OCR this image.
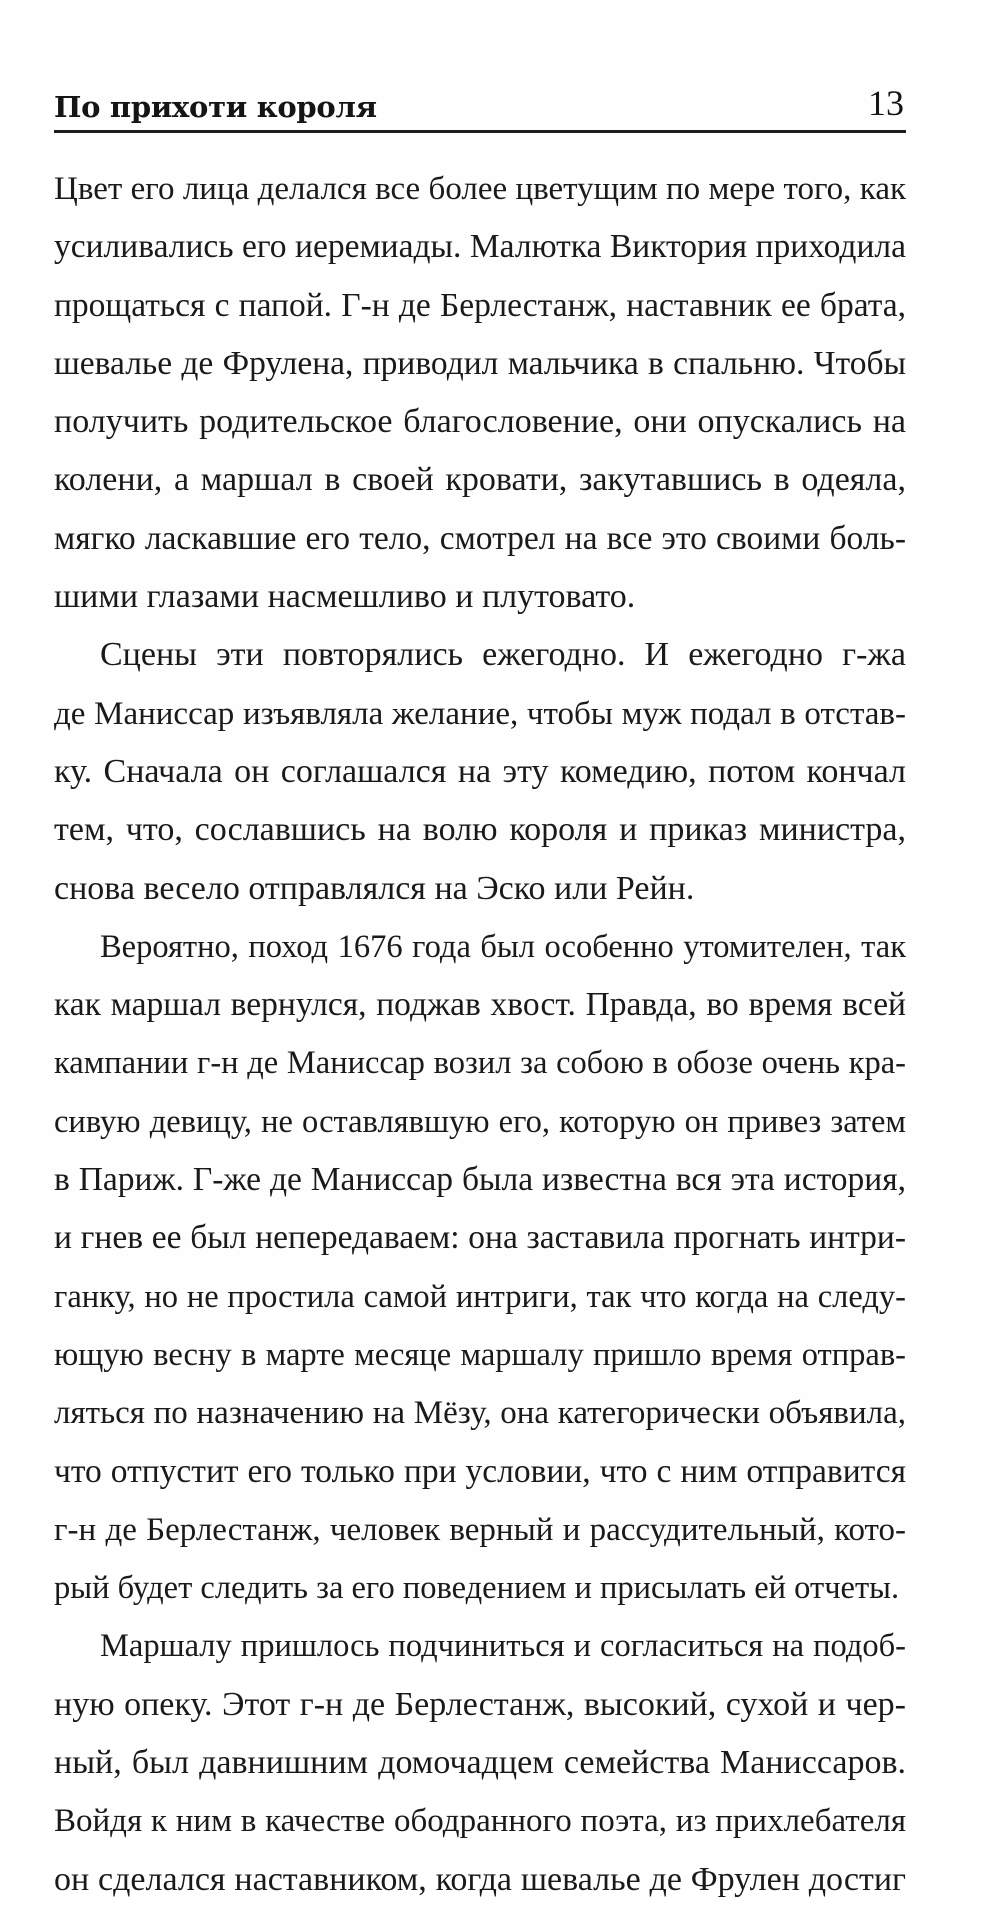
По прихоти короля	13
Цвет его лица делался все более цветущим по мере того, как
усиливались его иеремиады. Малютка Виктория приходила
прощаться с папой. Г-н де Берлестанж, наставник ее брата,
шевалье де Фрулена, приводил мальчика в спальню. Чтобы
получить родительское благословение, они опускались на
колени, а маршал в своей кровати, закутавшись в одеяла,
мягко ласкавшие его тело, смотрел на все это своими боль-
шими глазами насмешливо и плутовато.
Сцены эти повторялись ежегодно. И ежегодно г-жа
де Маниссар изъявляла желание, чтобы муж подал в отстав-
ку. Сначала он соглашался на эту комедию, потом кончал
тем, что, сославшись на волю короля и приказ министра,
снова весело отправлялся на Эско или Рейн.
Вероятно, поход 1676 года был особенно утомителен, так
как маршал вернулся, поджав хвост. Правда, во время всей
кампании г-н де Маниссар возил за собою в обозе очень кра-
сивую девицу, не оставлявшую его, которую он привез затем
в Париж. Г-же де Маниссар была известна вся эта история,
и гнев ее был непередаваем: она заставила прогнать интри-
ганку, но не простила самой интриги, так что когда на следу-
ющую весну в марте месяце маршалу пришло время отправ-
ляться по назначению на Мёзу, она категорически объявила,
что отпустит его только при условии, что с ним отправится
г-н де Берлестанж, человек верный и рассудительный, кото-
рый будет следить за его поведением и присылать ей отчеты.
Маршалу пришлось подчиниться и согласиться на подоб-
ную опеку. Этот г-н де Берлестанж, высокий, сухой и чер-
ный, был давнишним домочадцем семейства Маниссаров.
Войдя к ним в качестве ободранного поэта, из прихлебателя
он сделался наставником, когда шевалье де Фрулен достиг
